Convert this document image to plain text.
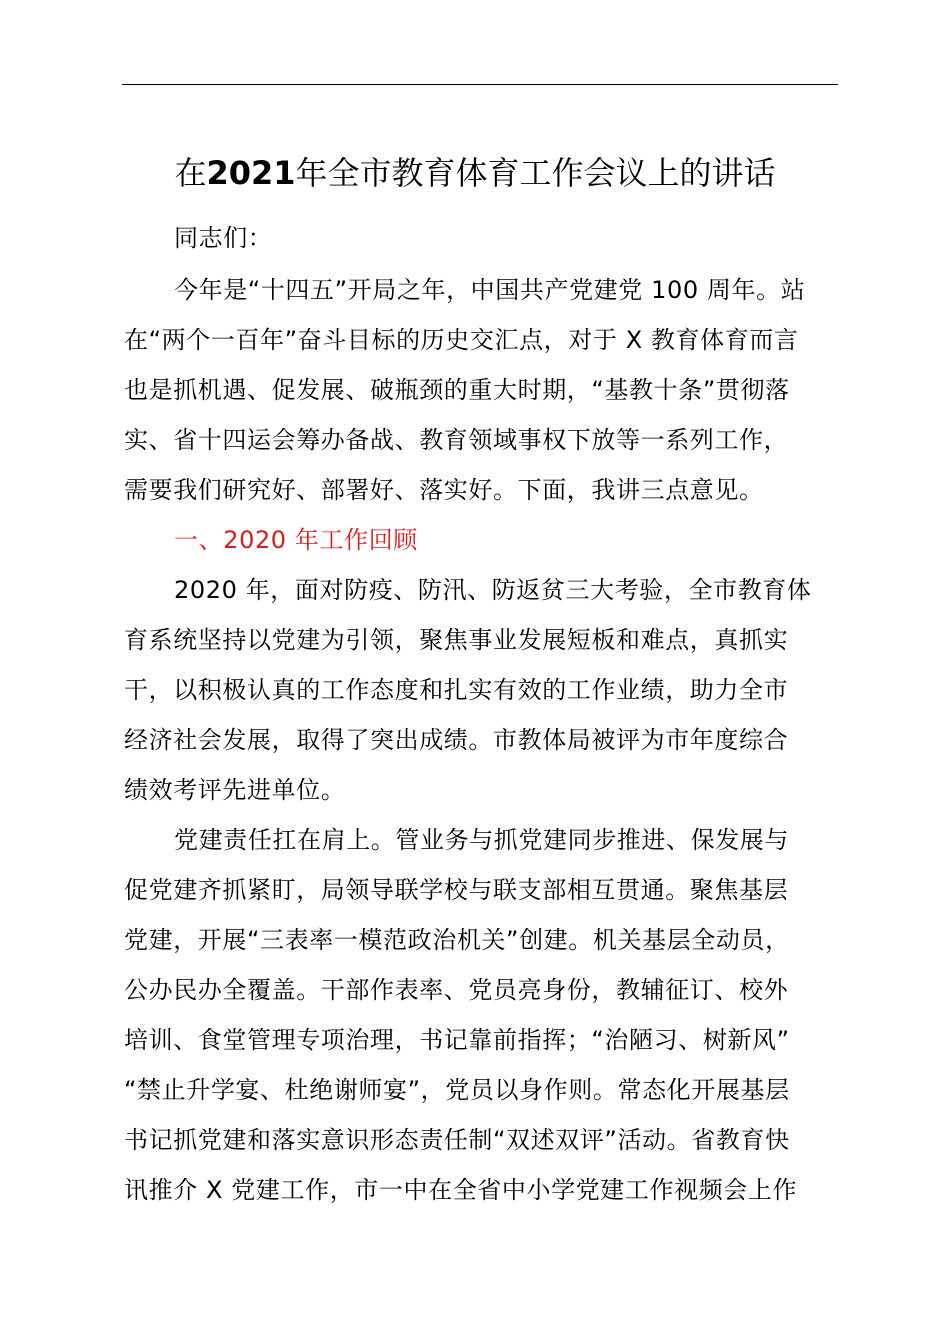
在2021年全市教育体育工作会议上的讲话
同志们：
今年是“十四五”开局之年，中国共产党建党 100 周年。站
在“两个一百年”奋斗目标的历史交汇点，对于 X 教育体育而言
也是抓机遇、促发展、破瓶颈的重大时期，“基教十条”贯彻落
实、省十四运会筹办备战、教育领域事权下放等一系列工作，
需要我们研究好、部署好、落实好。下面，我讲三点意见。
一、2020 年工作回顾
2020 年，面对防疫、防汛、防返贫三大考验，全市教育体
育系统坚持以党建为引领，聚焦事业发展短板和难点，真抓实
干，以积极认真的工作态度和扎实有效的工作业绩，助力全市
经济社会发展，取得了突出成绩。市教体局被评为市年度综合
绩效考评先进单位。
党建责任扛在肩上。管业务与抓党建同步推进、保发展与
促党建齐抓紧盯，局领导联学校与联支部相互贯通。聚焦基层
党建，开展“三表率一模范政治机关”创建。机关基层全动员，
公办民办全覆盖。干部作表率、党员亮身份，教辅征订、校外
培训、食堂管理专项治理，书记靠前指挥；“治陋习、树新风”
“禁止升学宴、杜绝谢师宴”，党员以身作则。常态化开展基层
书记抓党建和落实意识形态责任制“双述双评”活动。省教育快
讯推介 X 党建工作，市一中在全省中小学党建工作视频会上作
